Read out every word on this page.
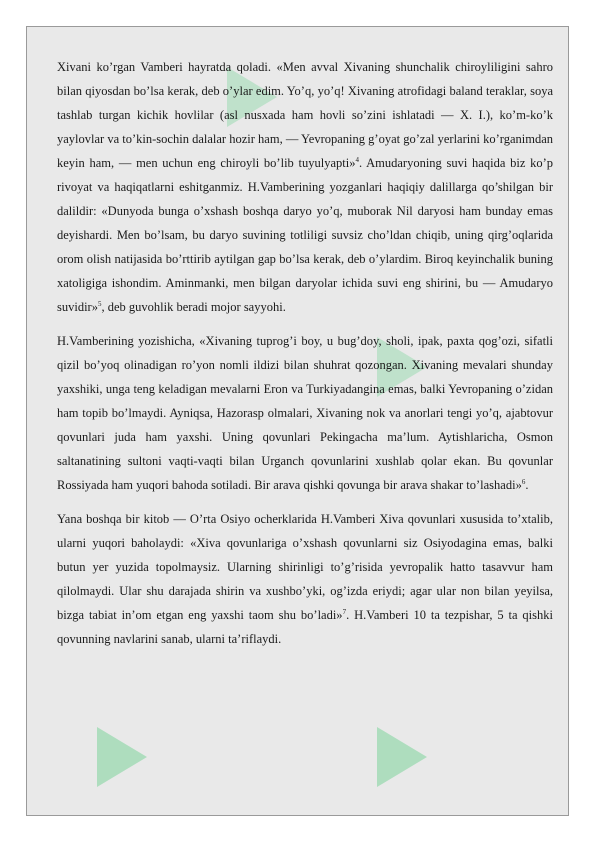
Xivani ko’rgan Vamberi hayratda qoladi. «Men avval Xivaning shunchalik chiroyliligini sahro bilan qiyosdan bo’lsa kerak, deb o’ylar edim. Yo’q, yo’q! Xivaning atrofidagi baland teraklar, soya tashlab turgan kichik hovlilar (asl nusxada ham hovli so’zini ishlatadi — X. I.), ko’m-ko’k yaylovlar va to’kin-sochin dalalar hozir ham, — Yevropaning g’oyat go’zal yerlarini ko’rganimdan keyin ham, — men uchun eng chiroyli bo’lib tuyulyapti»$^4$. Amudaryoning suvi haqida biz ko’p rivoyat va haqiqatlarni eshitganmiz. H.Vamberining yozganlari haqiqiy dalillarga qo’shilgan bir dalildir: «Dunyoda bunga o’xshash boshqa daryo yo’q, muborak Nil daryosi ham bunday emas deyishardi. Men bo’lsam, bu daryo suvining totliligi suvsiz cho’ldan chiqib, uning qirg’oqlarida orom olish natijasida bo’rttirib aytilgan gap bo’lsa kerak, deb o’ylardim. Biroq keyinchalik buning xatoligiga ishondim. Aminmanki, men bilgan daryolar ichida suvi eng shirini, bu — Amudaryo suvidir»$^5$, deb guvohlik beradi mojor sayyohi.

H.Vamberining yozishicha, «Xivaning tuprog’i boy, u bug’doy, sholi, ipak, paxta qog’ozi, sifatli qizil bo’yoq olinadigan ro’yon nomli ildizi bilan shuhrat qozongan. Xivaning mevalari shunday yaxshiki, unga teng keladigan mevalarni Eron va Turkiyadangina emas, balki Yevropaning o’zidan ham topib bo’lmaydi. Ayniqsa, Hazorasp olmalari, Xivaning nok va anorlari tengi yo’q, ajabtovur qovunlari juda ham yaxshi. Uning qovunlari Pekingacha ma’lum. Aytishlaricha, Osmon saltanatining sultoni vaqti-vaqti bilan Urganch qovunlarini xushlab qolar ekan. Bu qovunlar Rossiyada ham yuqori bahoda sotiladi. Bir arava qishki qovunga bir arava shakar to’lashadi»$^6$.

Yana boshqa bir kitob — O’rta Osiyo ocherklarida H.Vamberi Xiva qovunlari xususida to’xtalib, ularni yuqori baholaydi: «Xiva qovunlariga o’xshash qovunlarni siz Osiyodagina emas, balki butun yer yuzida topolmaysiz. Ularning shirinligi to’g’risida yevropalik hatto tasavvur ham qilolmaydi. Ular shu darajada shirin va xushbo’yki, og’izda eriydi; agar ular non bilan yeyilsa, bizga tabiat in’om etgan eng yaxshi taom shu bo’ladi»$^7$. H.Vamberi 10 ta tezpishar, 5 ta qishki qovunning navlarini sanab, ularni ta’riflaydi.
